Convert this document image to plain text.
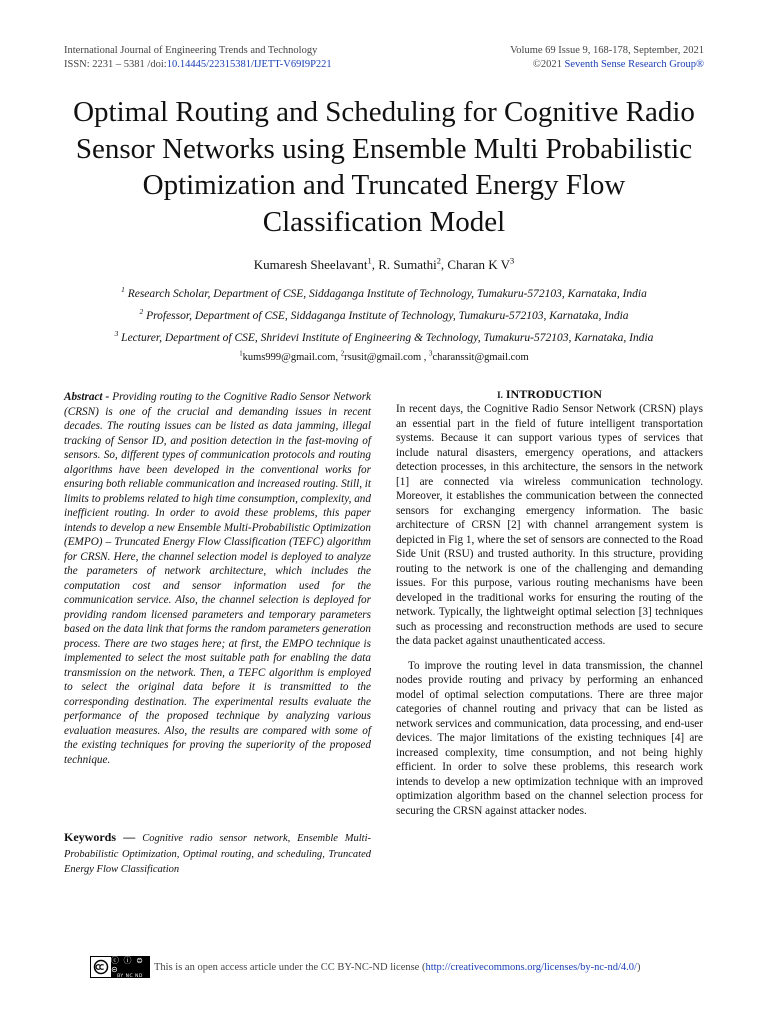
International Journal of Engineering Trends and Technology
ISSN: 2231 – 5381 /doi:10.14445/22315381/IJETT-V69I9P221
Volume 69 Issue 9, 168-178, September, 2021
©2021 Seventh Sense Research Group®
Optimal Routing and Scheduling for Cognitive Radio Sensor Networks using Ensemble Multi Probabilistic Optimization and Truncated Energy Flow Classification Model
Kumaresh Sheelavant$^1$, R. Sumathi$^2$, Charan K $V^3$
$^1$ Research Scholar, Department of CSE, Siddaganga Institute of Technology, Tumakuru-572103, Karnataka, India
$^2$ Professor, Department of CSE, Siddaganga Institute of Technology, Tumakuru-572103, Karnataka, India
$^3$ Lecturer, Department of CSE, Shridevi Institute of Engineering & Technology, Tumakuru-572103, Karnataka, India
$^1$kums999@gmail.com, $^2$rsusit@gmail.com , $^3$charanssit@gmail.com
Abstract - Providing routing to the Cognitive Radio Sensor Network (CRSN) is one of the crucial and demanding issues in recent decades. The routing issues can be listed as data jamming, illegal tracking of Sensor ID, and position detection in the fast-moving of sensors. So, different types of communication protocols and routing algorithms have been developed in the conventional works for ensuring both reliable communication and increased routing. Still, it limits to problems related to high time consumption, complexity, and inefficient routing. In order to avoid these problems, this paper intends to develop a new Ensemble Multi-Probabilistic Optimization (EMPO) – Truncated Energy Flow Classification (TEFC) algorithm for CRSN. Here, the channel selection model is deployed to analyze the parameters of network architecture, which includes the computation cost and sensor information used for the communication service. Also, the channel selection is deployed for providing random licensed parameters and temporary parameters based on the data link that forms the random parameters generation process. There are two stages here; at first, the EMPO technique is implemented to select the most suitable path for enabling the data transmission on the network. Then, a TEFC algorithm is employed to select the original data before it is transmitted to the corresponding destination. The experimental results evaluate the performance of the proposed technique by analyzing various evaluation measures. Also, the results are compared with some of the existing techniques for proving the superiority of the proposed technique.
Keywords — Cognitive radio sensor network, Ensemble Multi-Probabilistic Optimization, Optimal routing, and scheduling, Truncated Energy Flow Classification
I. INTRODUCTION

In recent days, the Cognitive Radio Sensor Network (CRSN) plays an essential part in the field of future intelligent transportation systems. Because it can support various types of services that include natural disasters, emergency operations, and attackers detection processes, in this architecture, the sensors in the network [1] are connected via wireless communication technology. Moreover, it establishes the communication between the connected sensors for exchanging emergency information. The basic architecture of CRSN [2] with channel arrangement system is depicted in Fig 1, where the set of sensors are connected to the Road Side Unit (RSU) and trusted authority. In this structure, providing routing to the network is one of the challenging and demanding issues. For this purpose, various routing mechanisms have been developed in the traditional works for ensuring the routing of the network. Typically, the lightweight optimal selection [3] techniques such as processing and reconstruction methods are used to secure the data packet against unauthenticated access.

To improve the routing level in data transmission, the channel nodes provide routing and privacy by performing an enhanced model of optimal selection computations. There are three major categories of channel routing and privacy that can be listed as network services and communication, data processing, and end-user devices. The major limitations of the existing techniques [4] are increased complexity, time consumption, and not being highly efficient. In order to solve these problems, this research work intends to develop a new optimization technique with an improved optimization algorithm based on the channel selection process for securing the CRSN against attacker nodes.

ⓒ ⓘ ⊜ ⊝
BY NC ND
This is an open access article under the CC BY-NC-ND license ( http://creativecommons.org/licenses/by-nc-nd/4.0/ )
